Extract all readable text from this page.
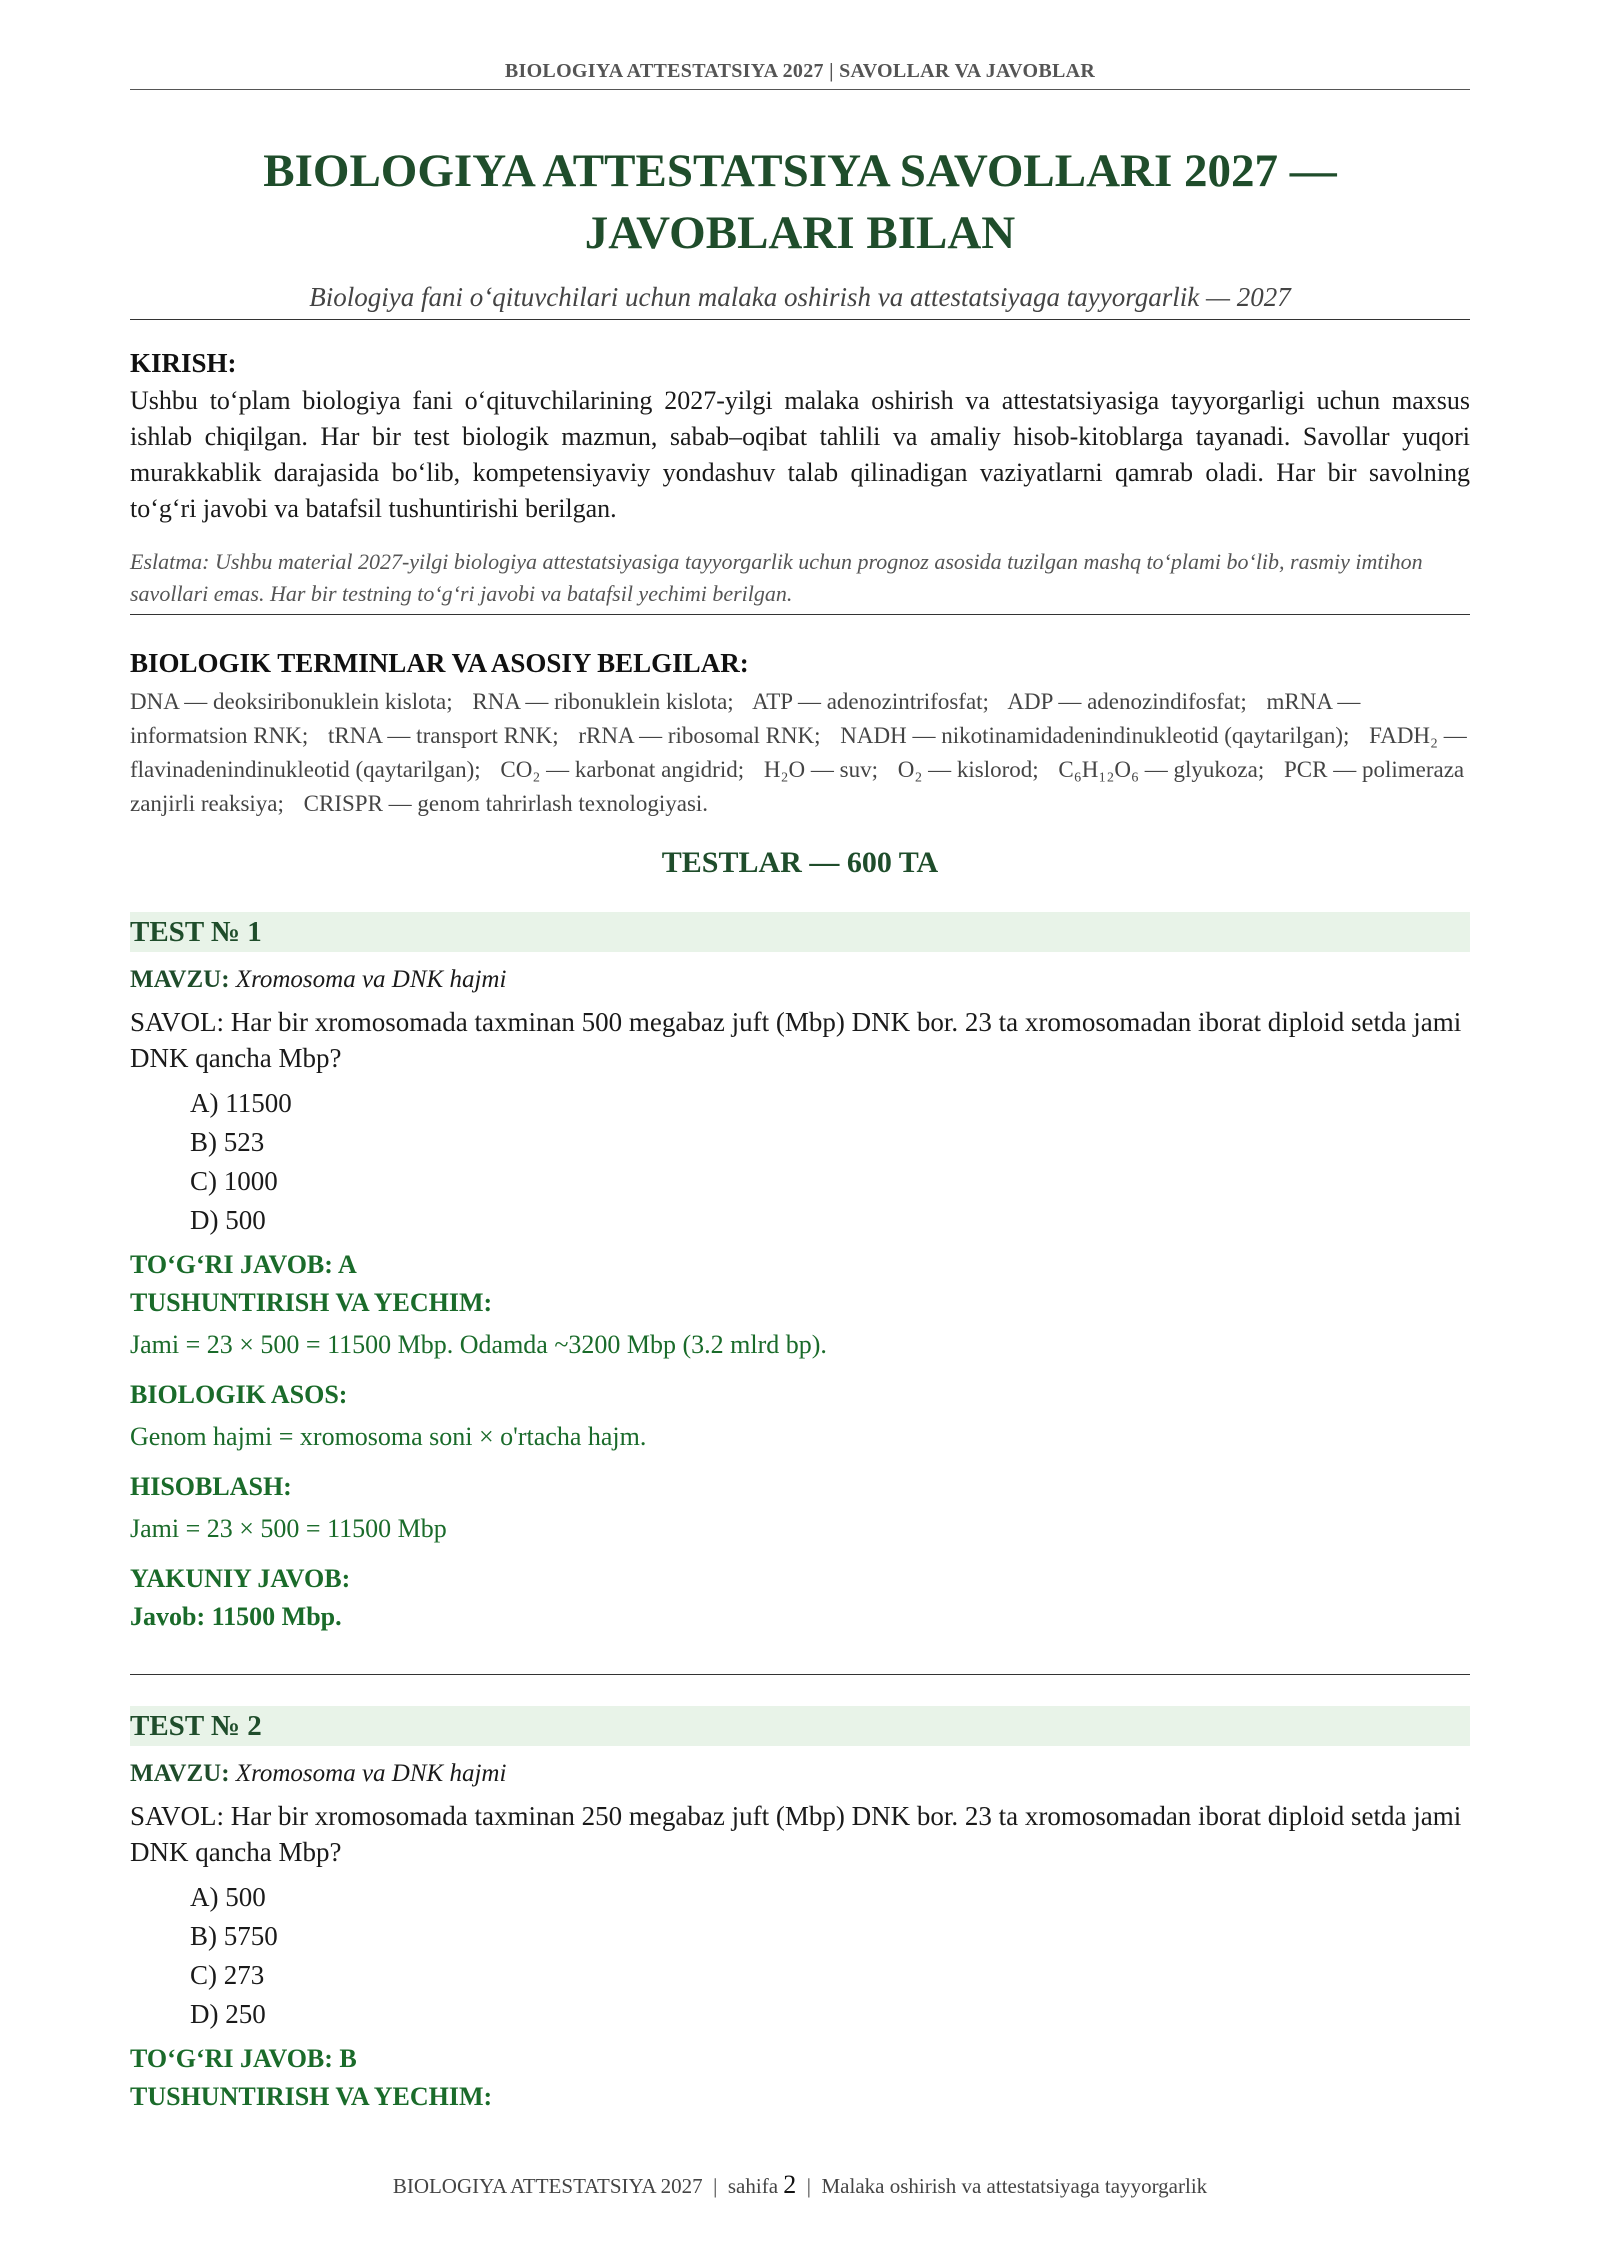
BIOLOGIYA ATTESTATSIYA 2027 | SAVOLLAR VA JAVOBLAR
BIOLOGIYA ATTESTATSIYA SAVOLLARI 2027 —
JAVOBLARI BILAN
Biologiya fani o‘qituvchilari uchun malaka oshirish va attestatsiyaga tayyorgarlik — 2027
KIRISH:

Ushbu to‘plam biologiya fani o‘qituvchilarining 2027-yilgi malaka oshirish va attestatsiyasiga tayyorgarligi uchun maxsus ishlab chiqilgan. Har bir test biologik mazmun, sabab–oqibat tahlili va amaliy hisob-kitoblarga tayanadi. Savollar yuqori murakkablik darajasida bo‘lib, kompetensiyaviy yondashuv talab qilinadigan vaziyatlarni qamrab oladi. Har bir savolning to‘g‘ri javobi va batafsil tushuntirishi berilgan.

Eslatma: Ushbu material 2027-yilgi biologiya attestatsiyasiga tayyorgarlik uchun prognoz asosida tuzilgan mashq to‘plami bo‘lib, rasmiy imtihon savollari emas. Har bir testning to‘g‘ri javobi va batafsil yechimi berilgan.
BIOLOGIK TERMINLAR VA ASOSIY BELGILAR:
DNA — deoksiribonuklein kislota; RNA — ribonuklein kislota; ATP — adenozintrifosfat; ADP — adenozindifosfat; mRNA — informatsion RNK; tRNA — transport RNK; rRNA — ribosomal RNK; NADH — nikotinamidadenindinukleotid (qaytarilgan); FADH₂ — flavinadenindinukleotid (qaytarilgan); CO₂ — karbonat angidrid; H₂O — suv; O₂ — kislorod; C₆H₁₂O₆ — glyukoza; PCR — polimeraza zanjirli reaksiya; CRISPR — genom tahrirlash texnologiyasi.
TESTLAR — 600 TA
TEST № 1
MAVZU: Xromosoma va DNK hajmi
SAVOL: Har bir xromosomada taxminan 500 megabaz juft (Mbp) DNK bor. 23 ta xromosomadan iborat diploid setda jami DNK qancha Mbp?
A) 11500
B) 523
C) 1000
D) 500
TO‘G‘RI JAVOB: A
TUSHUNTIRISH VA YECHIM:
Jami = 23 × 500 = 11500 Mbp. Odamda ~3200 Mbp (3.2 mlrd bp).
BIOLOGIK ASOS:
Genom hajmi = xromosoma soni × o'rtacha hajm.
HISOBLASH:
Jami = 23 × 500 = 11500 Mbp
YAKUNIY JAVOB:
Javob: 11500 Mbp.
TEST № 2
MAVZU: Xromosoma va DNK hajmi
SAVOL: Har bir xromosomada taxminan 250 megabaz juft (Mbp) DNK bor. 23 ta xromosomadan iborat diploid setda jami DNK qancha Mbp?
A) 500
B) 5750
C) 273
D) 250
TO‘G‘RI JAVOB: B
TUSHUNTIRISH VA YECHIM:
BIOLOGIYA ATTESTATSIYA 2027 | sahifa 2 | Malaka oshirish va attestatsiyaga tayyorgarlik
